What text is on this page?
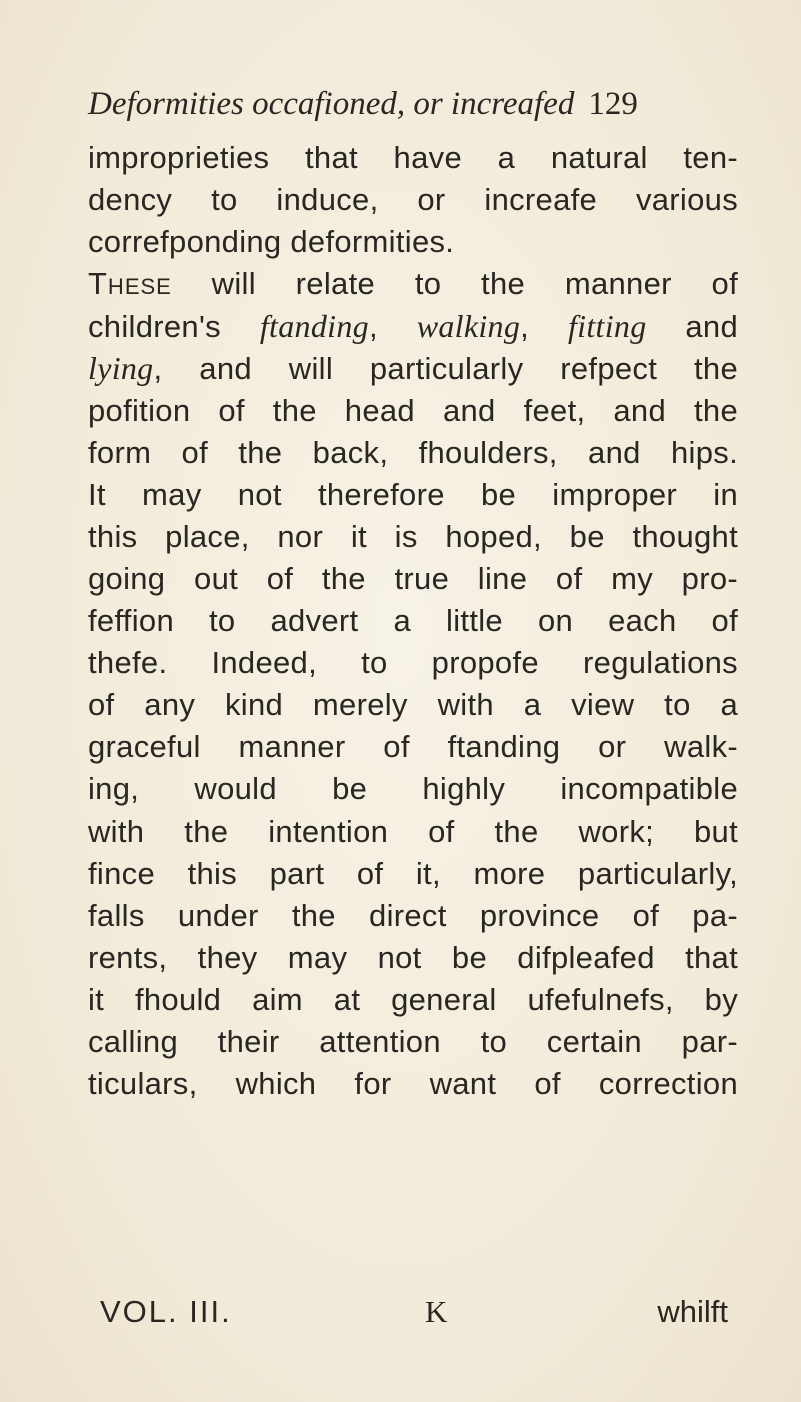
Deformities occafioned, or increafed 129
improprieties that have a natural ten-
dency to induce, or increafe various
correfponding deformities.
These will relate to the manner of
children's ftanding, walking, fitting and
lying, and will particularly refpect the
pofition of the head and feet, and the
form of the back, fhoulders, and hips.
It may not therefore be improper in
this place, nor it is hoped, be thought
going out of the true line of my pro-
feffion to advert a little on each of
thefe. Indeed, to propofe regulations
of any kind merely with a view to a
graceful manner of ftanding or walk-
ing, would be highly incompatible
with the intention of the work; but
fince this part of it, more particularly,
falls under the direct province of pa-
rents, they may not be difpleafed that
it fhould aim at general ufefulnefs, by
calling their attention to certain par-
ticulars, which for want of correction
VOL. III.	K	whilft
